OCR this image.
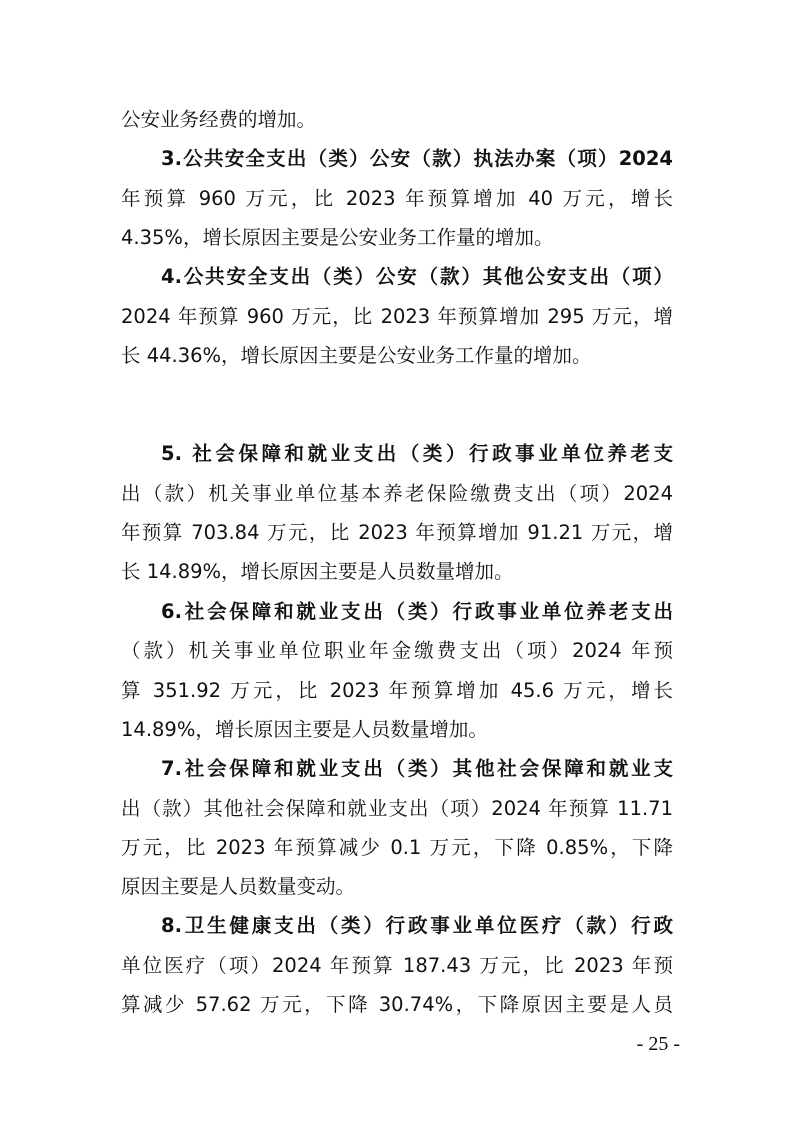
公安业务经费的增加。
3.公共安全支出（类）公安（款）执法办案（项）2024
年预算 960 万元，比 2023 年预算增加 40 万元，增长
4.35%，增长原因主要是公安业务工作量的增加。
4.公共安全支出（类）公安（款）其他公安支出（项）
2024 年预算 960 万元，比 2023 年预算增加 295 万元，增
长 44.36%，增长原因主要是公安业务工作量的增加。
5. 社会保障和就业支出（类）行政事业单位养老支
出（款）机关事业单位基本养老保险缴费支出（项）2024
年预算 703.84 万元，比 2023 年预算增加 91.21 万元，增
长 14.89%，增长原因主要是人员数量增加。
6.社会保障和就业支出（类）行政事业单位养老支出
（款）机关事业单位职业年金缴费支出（项）2024 年预
算 351.92 万元，比 2023 年预算增加 45.6 万元，增长
14.89%，增长原因主要是人员数量增加。
7.社会保障和就业支出（类）其他社会保障和就业支
出（款）其他社会保障和就业支出（项）2024 年预算 11.71
万元，比 2023 年预算减少 0.1 万元，下降 0.85%，下降
原因主要是人员数量变动。
8.卫生健康支出（类）行政事业单位医疗（款）行政
单位医疗（项）2024 年预算 187.43 万元，比 2023 年预
算减少 57.62 万元，下降 30.74%，下降原因主要是人员
- 25 -
